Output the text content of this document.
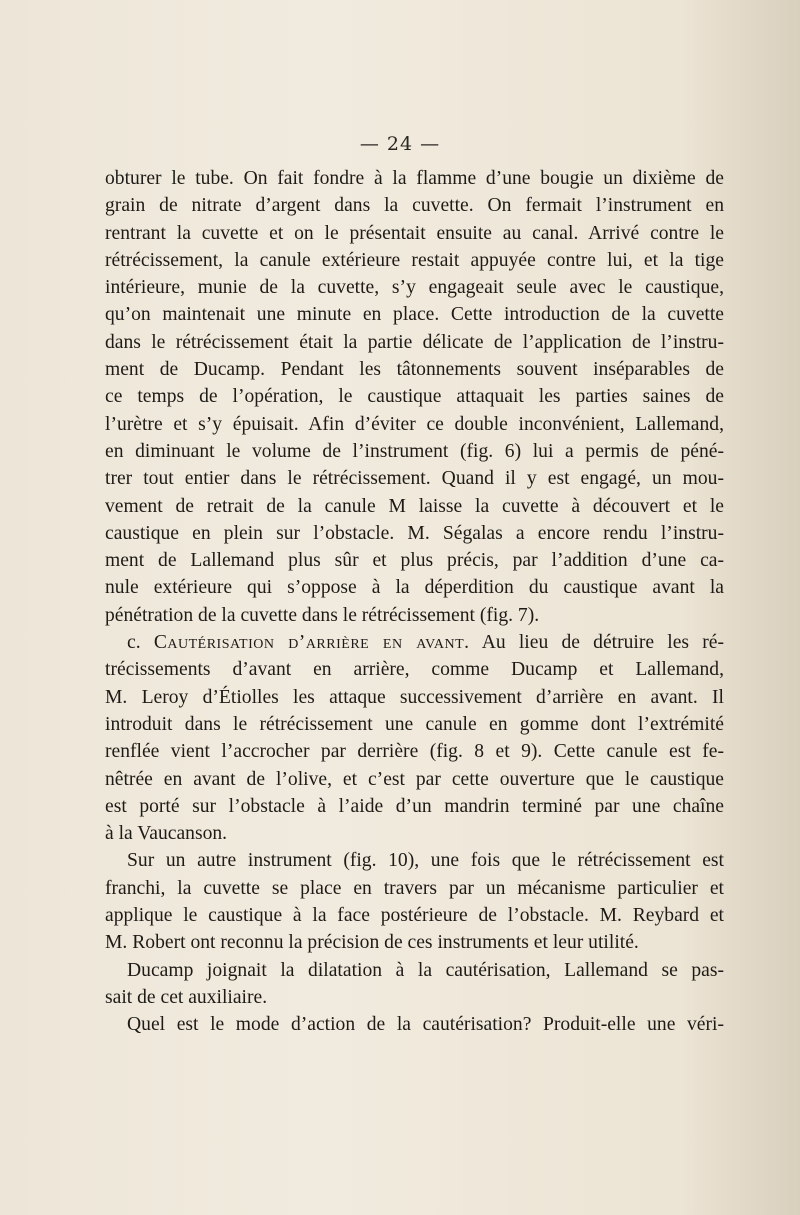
— 24 —
obturer le tube. On fait fondre à la flamme d’une bougie un dixième de
grain de nitrate d’argent dans la cuvette. On fermait l’instrument en
rentrant la cuvette et on le présentait ensuite au canal. Arrivé contre le
rétrécissement, la canule extérieure restait appuyée contre lui, et la tige
intérieure, munie de la cuvette, s’y engageait seule avec le caustique,
qu’on maintenait une minute en place. Cette introduction de la cuvette
dans le rétrécissement était la partie délicate de l’application de l’instru-
ment de Ducamp. Pendant les tâtonnements souvent inséparables de
ce temps de l’opération, le caustique attaquait les parties saines de
l’urètre et s’y épuisait. Afin d’éviter ce double inconvénient, Lallemand,
en diminuant le volume de l’instrument (fig. 6) lui a permis de péné-
trer tout entier dans le rétrécissement. Quand il y est engagé, un mou-
vement de retrait de la canule M laisse la cuvette à découvert et le
caustique en plein sur l’obstacle. M. Ségalas a encore rendu l’instru-
ment de Lallemand plus sûr et plus précis, par l’addition d’une ca-
nule extérieure qui s’oppose à la déperdition du caustique avant la
pénétration de la cuvette dans le rétrécissement (fig. 7).
c. Cautérisation d’arrière en avant. Au lieu de détruire les ré-
trécissements d’avant en arrière, comme Ducamp et Lallemand,
M. Leroy d’Étiolles les attaque successivement d’arrière en avant. Il
introduit dans le rétrécissement une canule en gomme dont l’extrémité
renflée vient l’accrocher par derrière (fig. 8 et 9). Cette canule est fe-
nêtrée en avant de l’olive, et c’est par cette ouverture que le caustique
est porté sur l’obstacle à l’aide d’un mandrin terminé par une chaîne
à la Vaucanson.
Sur un autre instrument (fig. 10), une fois que le rétrécissement est
franchi, la cuvette se place en travers par un mécanisme particulier et
applique le caustique à la face postérieure de l’obstacle. M. Reybard et
M. Robert ont reconnu la précision de ces instruments et leur utilité.
Ducamp joignait la dilatation à la cautérisation, Lallemand se pas-
sait de cet auxiliaire.
Quel est le mode d’action de la cautérisation? Produit-elle une véri-
